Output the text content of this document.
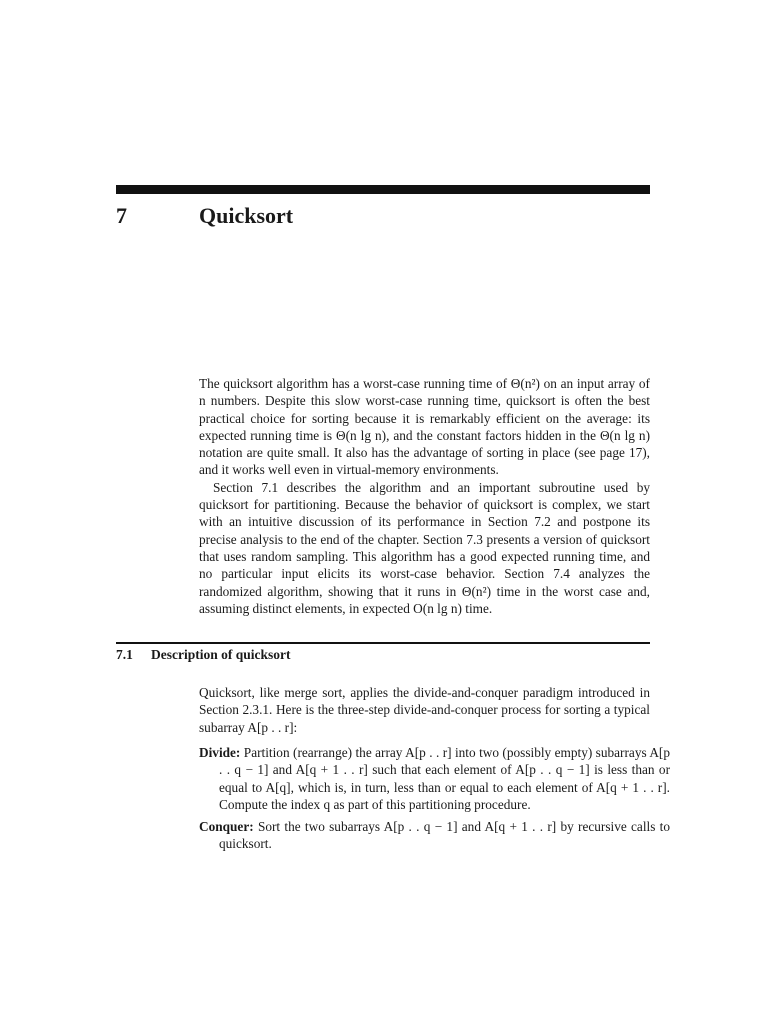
7	Quicksort

The quicksort algorithm has a worst-case running time of Θ(n²) on an input array of n numbers. Despite this slow worst-case running time, quicksort is often the best practical choice for sorting because it is remarkably efficient on the average: its expected running time is Θ(n lg n), and the constant factors hidden in the Θ(n lg n) notation are quite small. It also has the advantage of sorting in place (see page 17), and it works well even in virtual-memory environments.

Section 7.1 describes the algorithm and an important subroutine used by quicksort for partitioning. Because the behavior of quicksort is complex, we start with an intuitive discussion of its performance in Section 7.2 and postpone its precise analysis to the end of the chapter. Section 7.3 presents a version of quicksort that uses random sampling. This algorithm has a good expected running time, and no particular input elicits its worst-case behavior. Section 7.4 analyzes the randomized algorithm, showing that it runs in Θ(n²) time in the worst case and, assuming distinct elements, in expected O(n lg n) time.

7.1 Description of quicksort

Quicksort, like merge sort, applies the divide-and-conquer paradigm introduced in Section 2.3.1. Here is the three-step divide-and-conquer process for sorting a typical subarray A[p . . r]:

Divide: Partition (rearrange) the array A[p . . r] into two (possibly empty) subarrays A[p . . q − 1] and A[q + 1 . . r] such that each element of A[p . . q − 1] is less than or equal to A[q], which is, in turn, less than or equal to each element of A[q + 1 . . r]. Compute the index q as part of this partitioning procedure.

Conquer: Sort the two subarrays A[p . . q − 1] and A[q + 1 . . r] by recursive calls to quicksort.
